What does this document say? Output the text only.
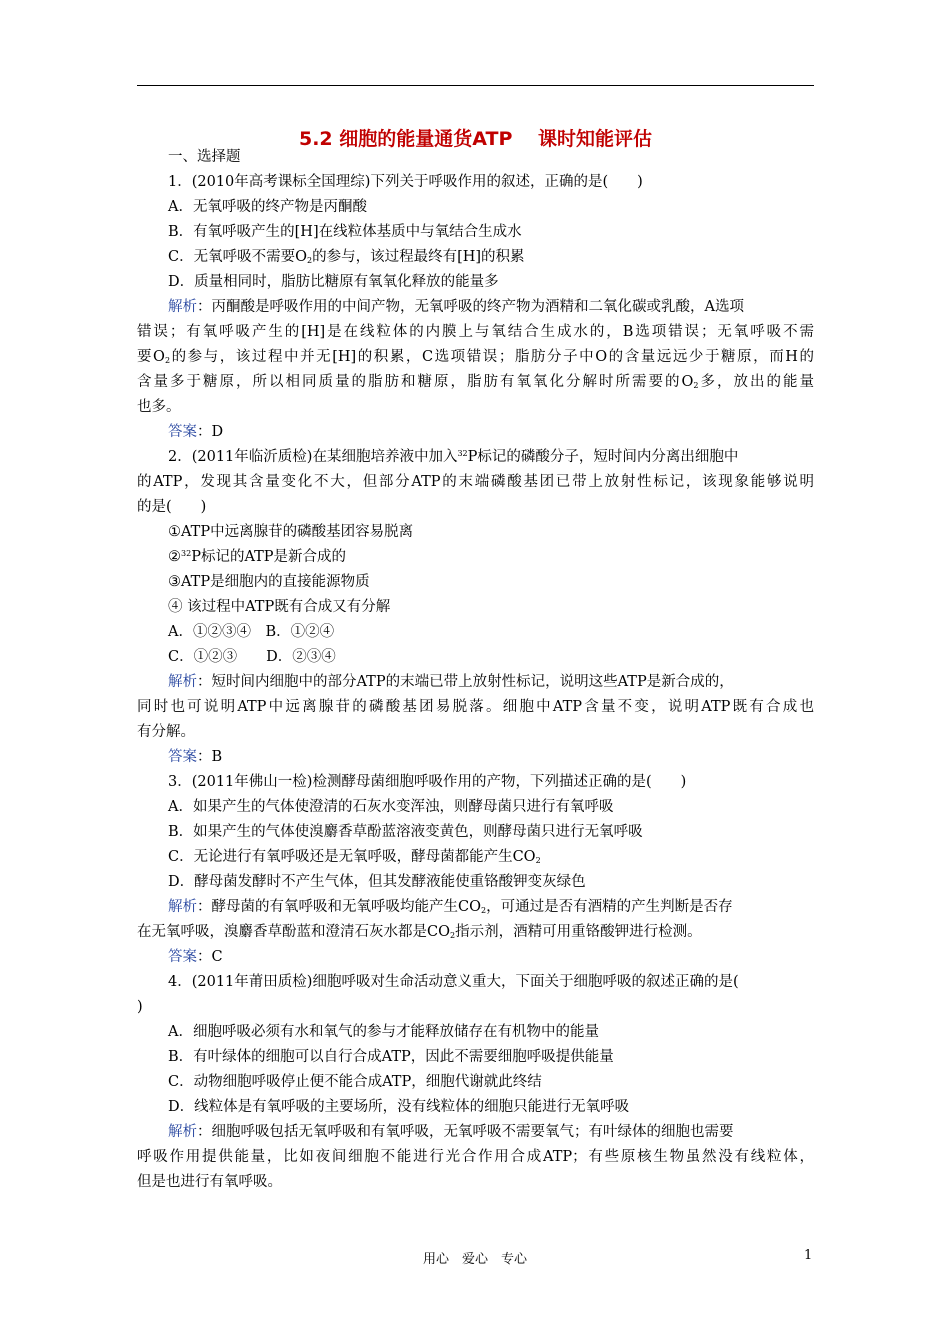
5.2 细胞的能量通货ATP　 课时知能评估
一、选择题
1．(2010年高考课标全国理综)下列关于呼吸作用的叙述，正确的是(　　)
A．无氧呼吸的终产物是丙酮酸
B．有氧呼吸产生的[H]在线粒体基质中与氧结合生成水
C．无氧呼吸不需要$O_2$的参与，该过程最终有[H]的积累
D．质量相同时，脂肪比糖原有氧氧化释放的能量多
解析：丙酮酸是呼吸作用的中间产物，无氧呼吸的终产物为酒精和二氧化碳或乳酸，A选项
错误；有氧呼吸产生的[H]是在线粒体的内膜上与氧结合生成水的，B选项错误；无氧呼吸不需
要$O_2$的参与，该过程中并无[H]的积累，C选项错误；脂肪分子中O的含量远远少于糖原，而H的
含量多于糖原，所以相同质量的脂肪和糖原，脂肪有氧氧化分解时所需要的$O_2$多，放出的能量
也多。
答案：D
2．(2011年临沂质检)在某细胞培养液中加入$^{32}$P标记的磷酸分子，短时间内分离出细胞中
的ATP，发现其含量变化不大，但部分ATP的末端磷酸基团已带上放射性标记，该现象能够说明
的是(　　)
①ATP中远离腺苷的磷酸基团容易脱离
②$^{32}$P标记的ATP是新合成的
③ATP是细胞内的直接能源物质
④ 该过程中ATP既有合成又有分解
A．①②③④　B．①②④
C．①②③　　D．②③④
解析：短时间内细胞中的部分ATP的末端已带上放射性标记，说明这些ATP是新合成的，
同时也可说明ATP中远离腺苷的磷酸基团易脱落。细胞中ATP含量不变，说明ATP既有合成也
有分解。
答案：B
3．(2011年佛山一检)检测酵母菌细胞呼吸作用的产物，下列描述正确的是(　　)
A．如果产生的气体使澄清的石灰水变浑浊，则酵母菌只进行有氧呼吸
B．如果产生的气体使溴麝香草酚蓝溶液变黄色，则酵母菌只进行无氧呼吸
C．无论进行有氧呼吸还是无氧呼吸，酵母菌都能产生$CO_2$
D．酵母菌发酵时不产生气体，但其发酵液能使重铬酸钾变灰绿色
解析：酵母菌的有氧呼吸和无氧呼吸均能产生$CO_2$，可通过是否有酒精的产生判断是否存
在无氧呼吸，溴麝香草酚蓝和澄清石灰水都是$CO_2$指示剂，酒精可用重铬酸钾进行检测。
答案：C
4．(2011年莆田质检)细胞呼吸对生命活动意义重大，下面关于细胞呼吸的叙述正确的是(
)
A．细胞呼吸必须有水和氧气的参与才能释放储存在有机物中的能量
B．有叶绿体的细胞可以自行合成ATP，因此不需要细胞呼吸提供能量
C．动物细胞呼吸停止便不能合成ATP，细胞代谢就此终结
D．线粒体是有氧呼吸的主要场所，没有线粒体的细胞只能进行无氧呼吸
解析：细胞呼吸包括无氧呼吸和有氧呼吸，无氧呼吸不需要氧气；有叶绿体的细胞也需要
呼吸作用提供能量，比如夜间细胞不能进行光合作用合成ATP；有些原核生物虽然没有线粒体，
但是也进行有氧呼吸。
用心　爱心　专心	1
